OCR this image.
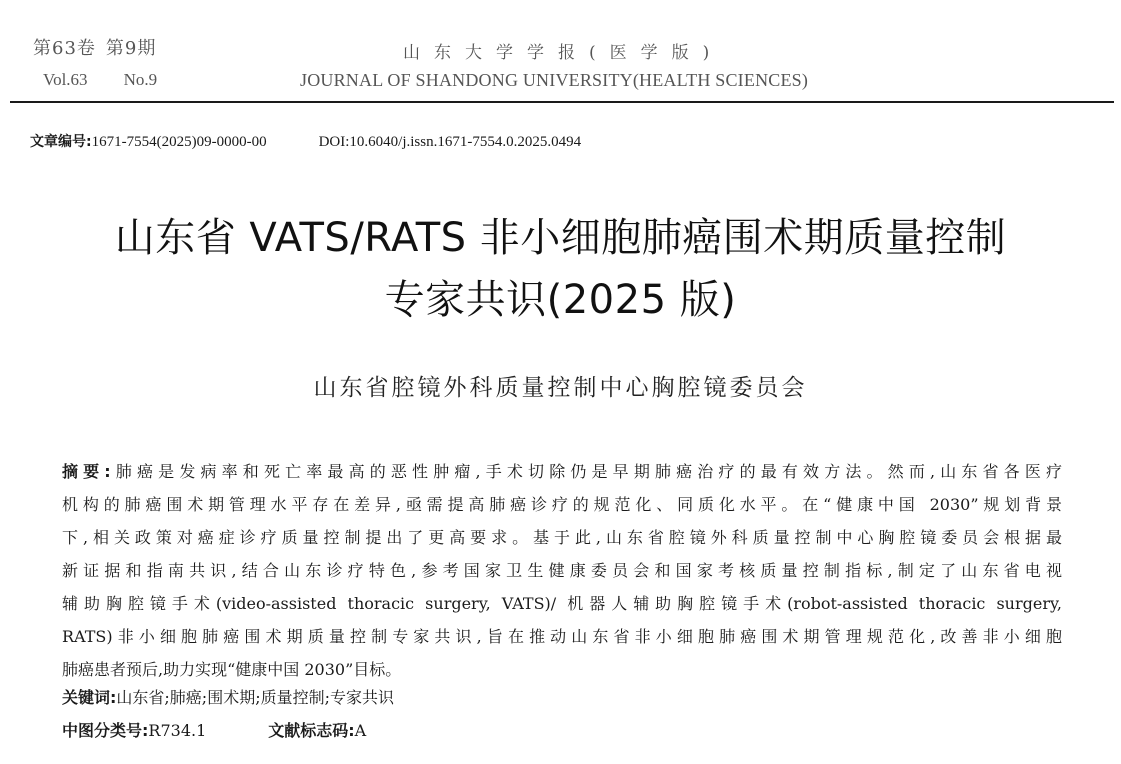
第63卷 第9期
Vol.63 No.9
山东大学学报(医学版)
JOURNAL OF SHANDONG UNIVERSITY(HEALTH SCIENCES)
文章编号:1671-7554(2025)09-0000-00	DOI:10.6040/j.issn.1671-7554.0.2025.0494
山东省 VATS/RATS 非小细胞肺癌围术期质量控制
专家共识(2025 版)
山东省腔镜外科质量控制中心胸腔镜委员会
摘要:肺癌是发病率和死亡率最高的恶性肿瘤,手术切除仍是早期肺癌治疗的最有效方法。然而,山东省各医疗
机构的肺癌围术期管理水平存在差异,亟需提高肺癌诊疗的规范化、同质化水平。在“健康中国 2030”规划背景
下,相关政策对癌症诊疗质量控制提出了更高要求。基于此,山东省腔镜外科质量控制中心胸腔镜委员会根据最
新证据和指南共识,结合山东诊疗特色,参考国家卫生健康委员会和国家考核质量控制指标,制定了山东省电视
辅助胸腔镜手术(video-assisted thoracic surgery, VATS)/ 机器人辅助胸腔镜手术(robot-assisted thoracic surgery,
RATS)非小细胞肺癌围术期质量控制专家共识,旨在推动山东省非小细胞肺癌围术期管理规范化,改善非小细胞
肺癌患者预后,助力实现“健康中国 2030”目标。
关键词:山东省;肺癌;围术期;质量控制;专家共识
中图分类号:R734.1	文献标志码:A
